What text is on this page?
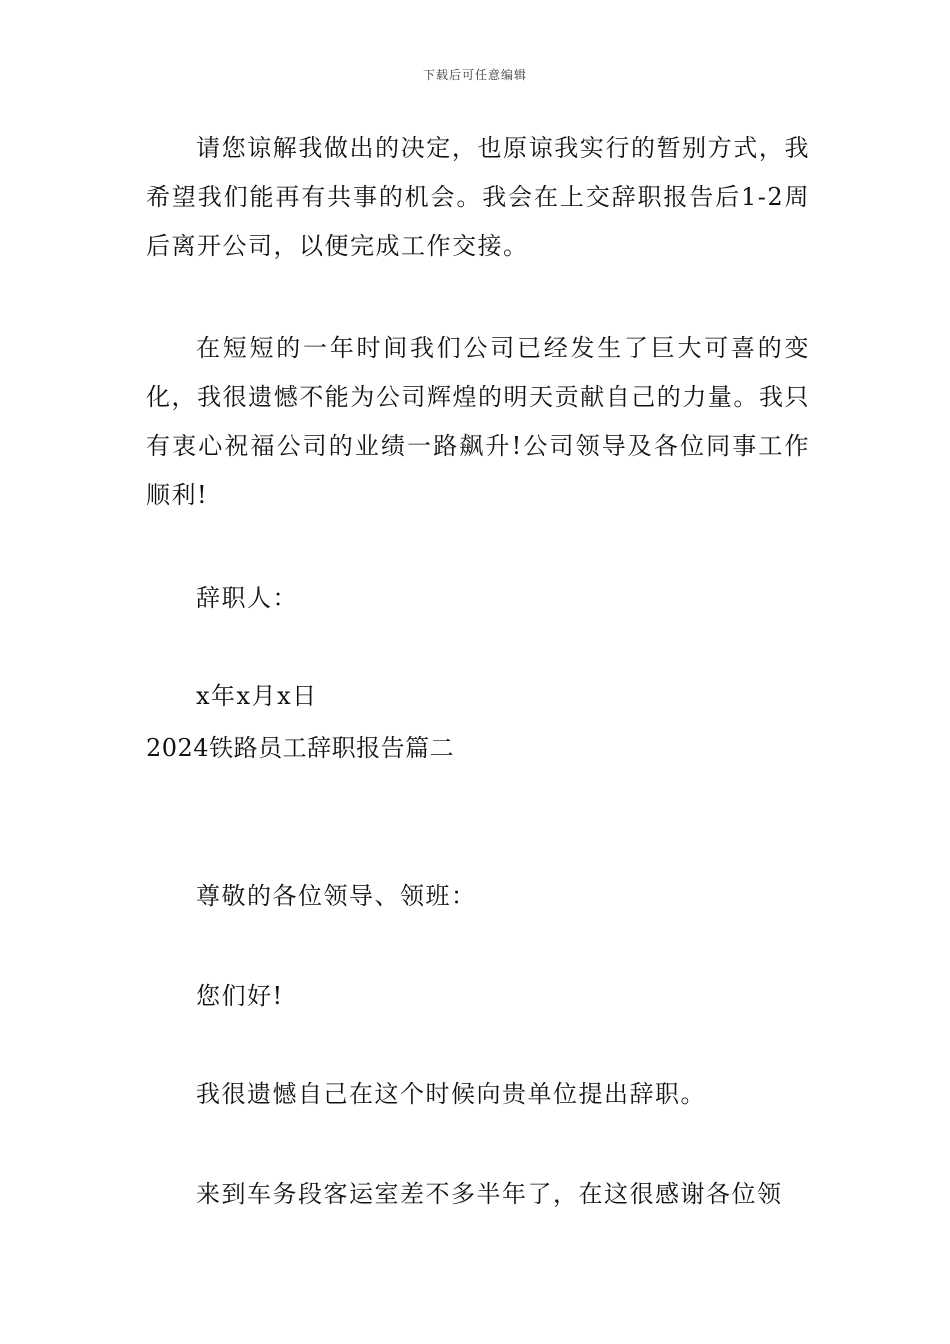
下载后可任意编辑

请您谅解我做出的决定，也原谅我实行的暂别方式，我希望我们能再有共事的机会。我会在上交辞职报告后1-2周后离开公司，以便完成工作交接。

在短短的一年时间我们公司已经发生了巨大可喜的变化，我很遗憾不能为公司辉煌的明天贡献自己的力量。我只有衷心祝福公司的业绩一路飙升!公司领导及各位同事工作顺利!

辞职人：

x年x月x日

2024铁路员工辞职报告篇二

尊敬的各位领导、领班：

您们好!

我很遗憾自己在这个时候向贵单位提出辞职。

来到车务段客运室差不多半年了，在这很感谢各位领
